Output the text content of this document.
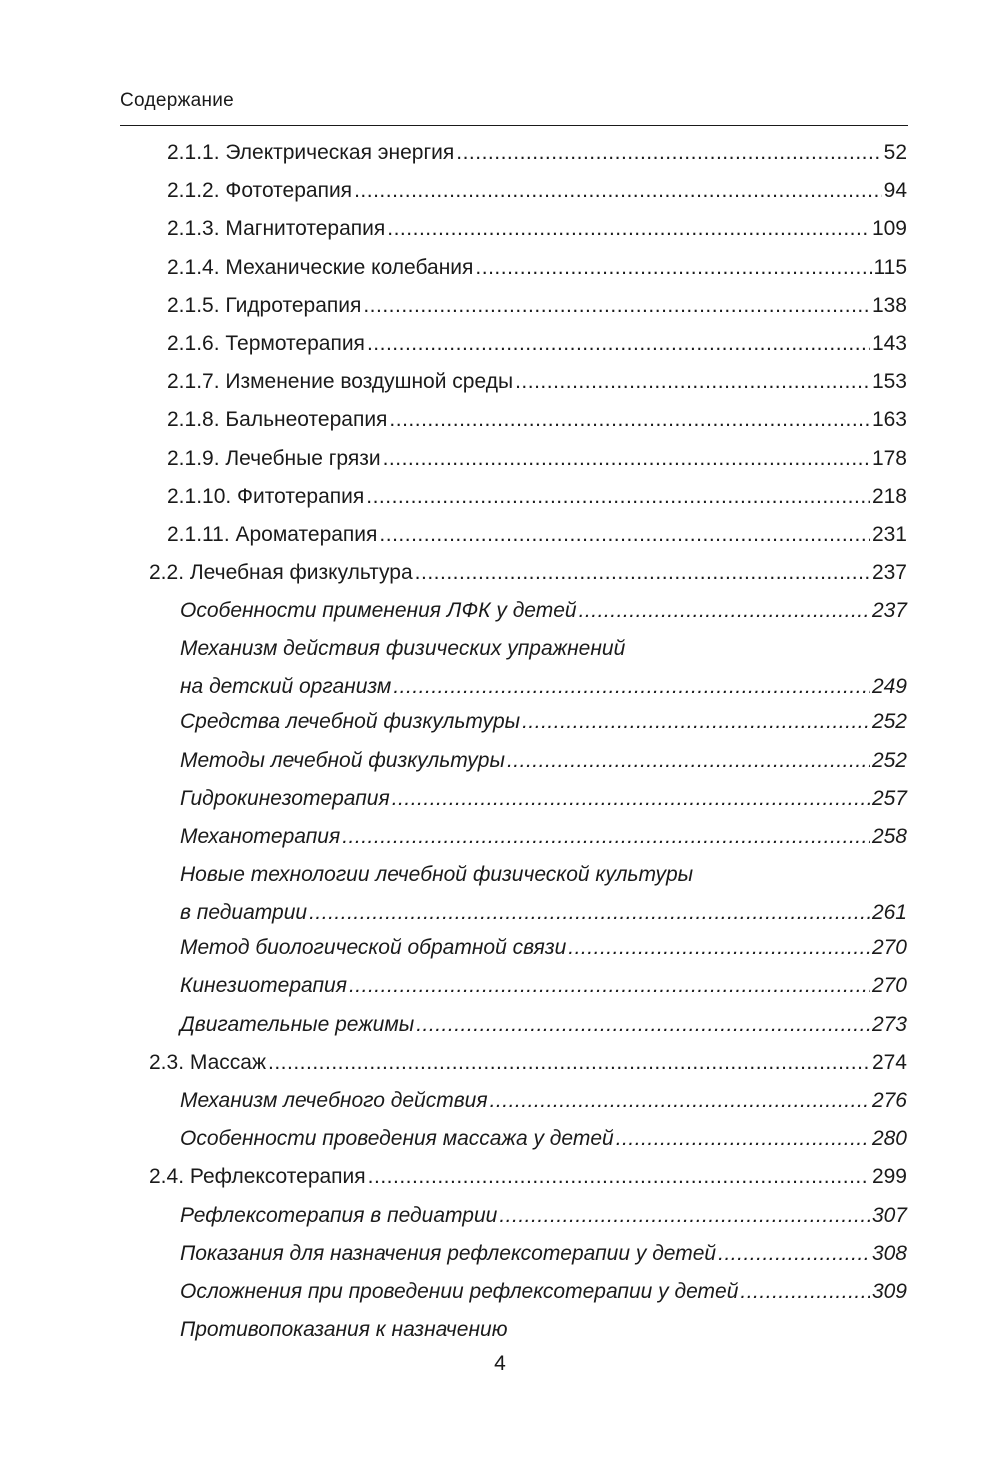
Содержание
2.1.1. Электрическая энергия .....	52
2.1.2. Фототерапия .....	94
2.1.3. Магнитотерапия .....	109
2.1.4. Механические колебания .....	115
2.1.5. Гидротерапия .....	138
2.1.6. Термотерапия .....	143
2.1.7. Изменение воздушной среды .....	153
2.1.8. Бальнеотерапия .....	163
2.1.9. Лечебные грязи .....	178
2.1.10. Фитотерапия .....	218
2.1.11. Ароматерапия .....	231
2.2. Лечебная физкультура .....	237
Особенности применения ЛФК у детей .....	237
Механизм действия физических упражнений
на детский организм .....	249
Средства лечебной физкультуры .....	252
Методы лечебной физкультуры .....	252
Гидрокинезотерапия .....	257
Механотерапия .....	258
Новые технологии лечебной физической культуры
в педиатрии .....	261
Метод биологической обратной связи .....	270
Кинезиотерапия .....	270
Двигательные режимы .....	273
2.3. Массаж .....	274
Механизм лечебного действия .....	276
Особенности проведения массажа у детей .....	280
2.4. Рефлексотерапия .....	299
Рефлексотерапия в педиатрии .....	307
Показания для назначения рефлексотерапии у детей .....	308
Осложнения при проведении рефлексотерапии у детей .....	309
Противопоказания к назначению
4
